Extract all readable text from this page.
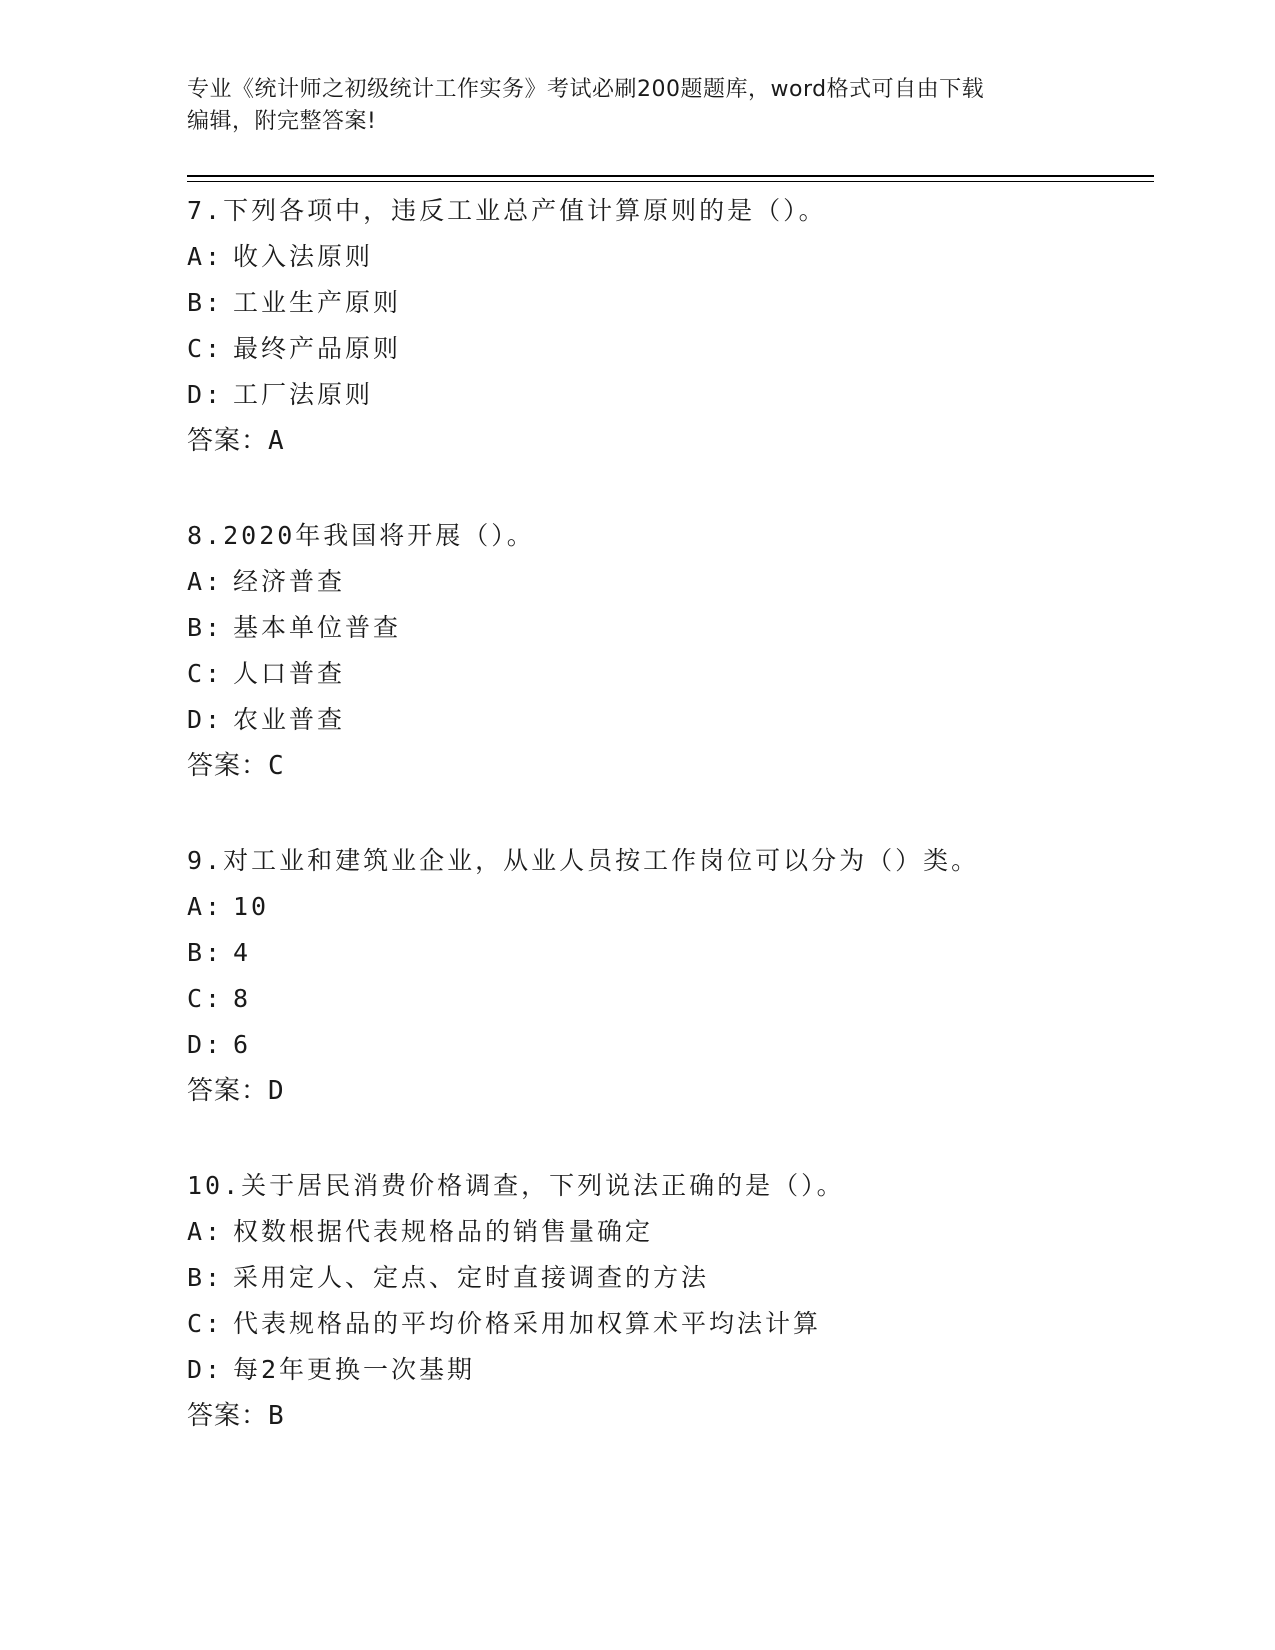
专业《统计师之初级统计工作实务》考试必刷200题题库，word格式可自由下载
编辑，附完整答案!
7.下列各项中，违反工业总产值计算原则的是（）。
A: 收入法原则
B: 工业生产原则
C: 最终产品原则
D: 工厂法原则
答案：A
8.2020年我国将开展（）。
A: 经济普查
B: 基本单位普查
C: 人口普查
D: 农业普查
答案：C
9.对工业和建筑业企业，从业人员按工作岗位可以分为（）类。
A: 10
B: 4
C: 8
D: 6
答案：D
10.关于居民消费价格调查，下列说法正确的是（）。
A: 权数根据代表规格品的销售量确定
B: 采用定人、定点、定时直接调查的方法
C: 代表规格品的平均价格采用加权算术平均法计算
D: 每2年更换一次基期
答案：B
